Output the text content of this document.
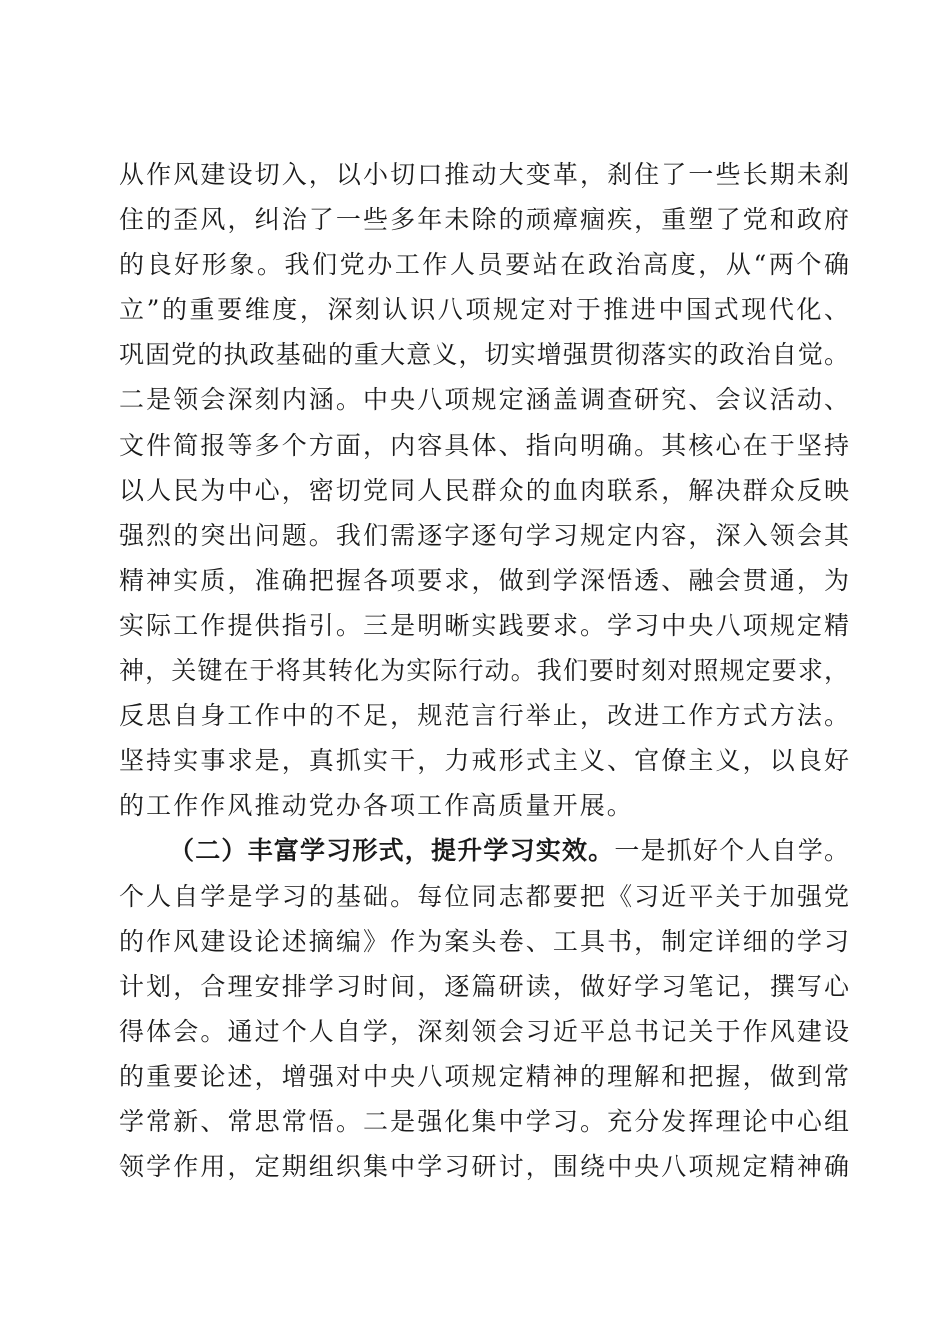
从作风建设切入，以小切口推动大变革，刹住了一些长期未刹
住的歪风，纠治了一些多年未除的顽瘴痼疾，重塑了党和政府
的良好形象。我们党办工作人员要站在政治高度，从“两个确
立”的重要维度，深刻认识八项规定对于推进中国式现代化、
巩固党的执政基础的重大意义，切实增强贯彻落实的政治自觉。
二是领会深刻内涵。中央八项规定涵盖调查研究、会议活动、
文件简报等多个方面，内容具体、指向明确。其核心在于坚持
以人民为中心，密切党同人民群众的血肉联系，解决群众反映
强烈的突出问题。我们需逐字逐句学习规定内容，深入领会其
精神实质，准确把握各项要求，做到学深悟透、融会贯通，为
实际工作提供指引。三是明晰实践要求。学习中央八项规定精
神，关键在于将其转化为实际行动。我们要时刻对照规定要求，
反思自身工作中的不足，规范言行举止，改进工作方式方法。
坚持实事求是，真抓实干，力戒形式主义、官僚主义，以良好
的工作作风推动党办各项工作高质量开展。
（二）丰富学习形式，提升学习实效。一是抓好个人自学。
个人自学是学习的基础。每位同志都要把《习近平关于加强党
的作风建设论述摘编》作为案头卷、工具书，制定详细的学习
计划，合理安排学习时间，逐篇研读，做好学习笔记，撰写心
得体会。通过个人自学，深刻领会习近平总书记关于作风建设
的重要论述，增强对中央八项规定精神的理解和把握，做到常
学常新、常思常悟。二是强化集中学习。充分发挥理论中心组
领学作用，定期组织集中学习研讨，围绕中央八项规定精神确
